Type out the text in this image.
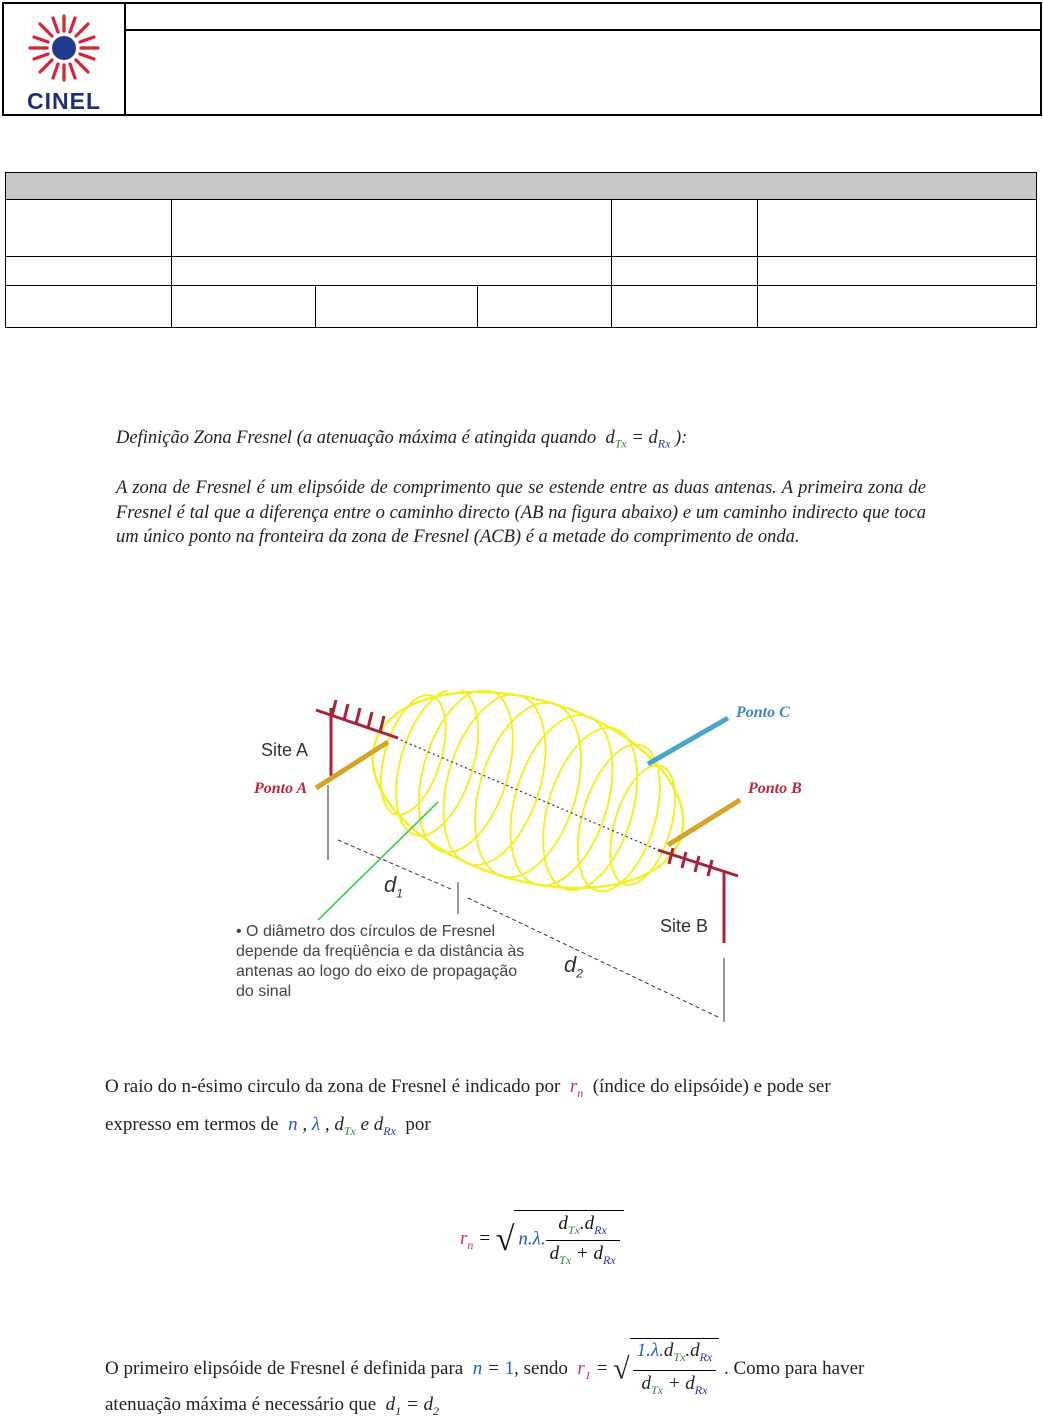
CINEL

Definição Zona Fresnel (a atenuação máxima é atingida quando  $d_{Tx} = d_{Rx}$ ):
A zona de Fresnel é um elipsóide de comprimento que se estende entre as duas antenas. A primeira zona de Fresnel é tal que a diferença entre o caminho directo (AB na figura abaixo) e um caminho indirecto que toca um único ponto na fronteira da zona de Fresnel (ACB) é a metade do comprimento de onda.
Site A
Site B
Ponto A	Ponto B
Ponto C
$d_1$
$d_2$
• O diâmetro dos círculos de Fresnel
depende da freqüência e da distância às
antenas ao logo do eixo de propagação
do sinal
O raio do n-ésimo circulo da zona de Fresnel é indicado por  $r_n$ (índice do elipsóide) e pode ser
expresso em termos de n , λ , $d_{Tx}$ e $d_{Rx}$ por
$r_n$ = √ n.λ. $\frac{d_{Tx}.d_{Rx}}{d_{Tx} + d_{Rx}}$
O primeiro elipsóide de Fresnel é definida para n = 1, sendo $r_1$ = √ $\frac{1.\lambda.d_{Tx}.d_{Rx}}{d_{Tx} + d_{Rx}}$ . Como para haver
atenuação máxima é necessário que  $d_1 = d_2$
